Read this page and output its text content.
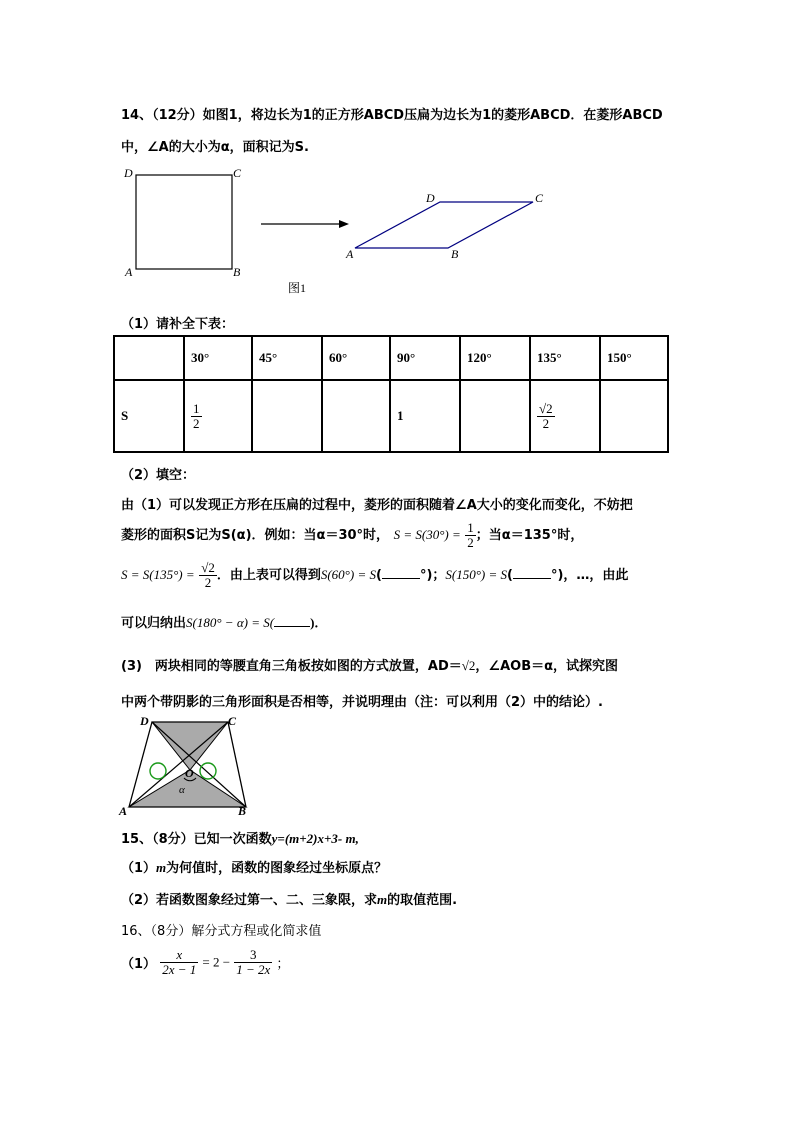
14、（12分）如图1，将边长为1的正方形ABCD压扁为边长为1的菱形ABCD．在菱形ABCD
中，∠A的大小为α，面积记为S.
D	C
A	B
D	C
A	B
图1
（1）请补全下表：
	30°	45°	60°	90°	120°	135°	150°
S	$\frac{1}{2}$			1		$\frac{√2}{2}$

（2）填空：
由（1）可以发现正方形在压扁的过程中，菱形的面积随着∠A大小的变化而变化，不妨把
菱形的面积S记为S(α)．例如：当α＝30°时， $S = S(30^\circ) = \frac{1}{2}$ ；当α＝135°时，
$S = S(135^\circ) = \frac{√2}{2}$ ．由上表可以得到S(60°) = S(	°)；S(150°) = S(	°)，…，由此
可以归纳出S(180° − α) = S(	)．
(3)　两块相同的等腰直角三角板按如图的方式放置，AD＝√2，∠AOB＝α，试探究图
中两个带阴影的三角形面积是否相等，并说明理由（注：可以利用（2）中的结论）.
D	C
O
α
A	B
15、（8分）已知一次函数y=(m+2)x+3- m,
（1）m为何值时，函数的图象经过坐标原点？
（2）若函数图象经过第一、二、三象限，求m的取值范围.
16、（8分）解分式方程或化简求值
$(1) \frac{x}{2x - 1} = 2 - \frac{3}{1 - 2x}$ ；
